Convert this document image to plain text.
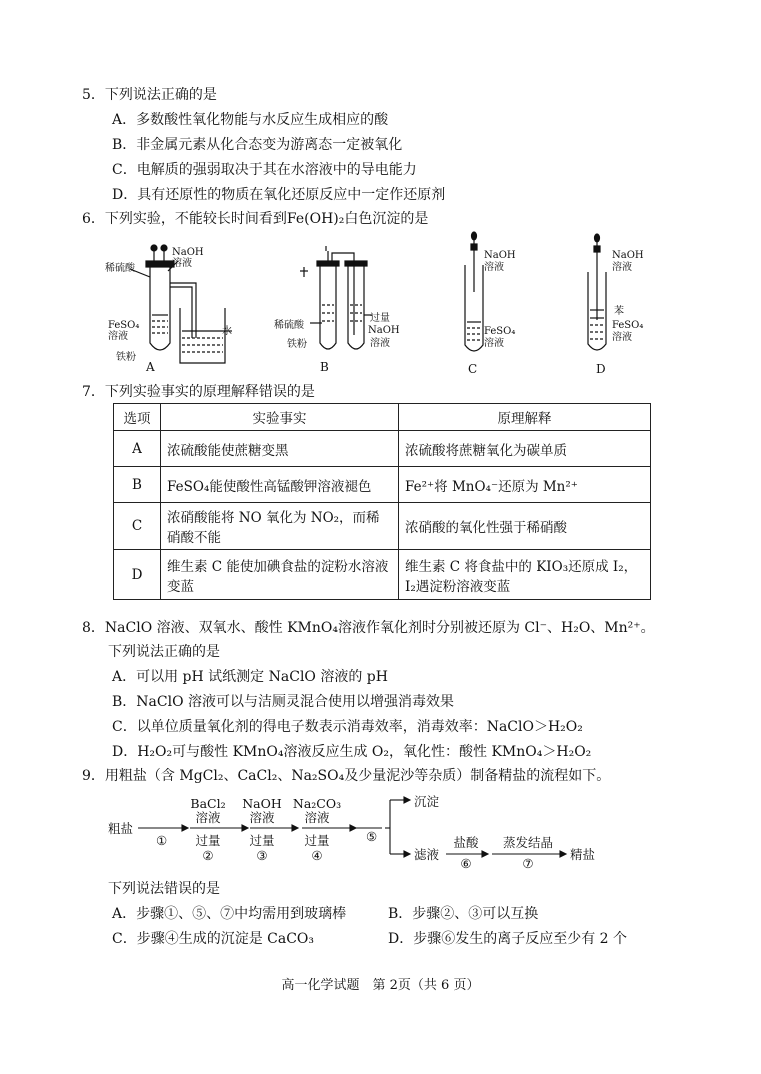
5．下列说法正确的是
A．多数酸性氧化物能与水反应生成相应的酸
B．非金属元素从化合态变为游离态一定被氧化
C．电解质的强弱取决于其在水溶液中的导电能力
D．具有还原性的物质在氧化还原反应中一定作还原剂
6．下列实验，不能较长时间看到Fe(OH)₂白色沉淀的是
稀硫酸
NaOH
溶液
FeSO₄
溶液
铁粉
水
A
稀硫酸
铁粉
过量
NaOH
溶液
B
NaOH
溶液
FeSO₄
溶液
C
NaOH
溶液
苯
FeSO₄
溶液
D
7．下列实验事实的原理解释错误的是
选项	实验事实	原理解释
A	浓硫酸能使蔗糖变黑	浓硫酸将蔗糖氧化为碳单质
B	FeSO₄能使酸性高锰酸钾溶液褪色	Fe²⁺将 MnO₄⁻还原为 Mn²⁺
C	浓硝酸能将 NO 氧化为 NO₂，而稀硝酸不能	浓硝酸的氧化性强于稀硝酸
D	维生素 C 能使加碘食盐的淀粉水溶液变蓝	维生素 C 将食盐中的 KIO₃还原成 I₂，I₂遇淀粉溶液变蓝
8．NaClO 溶液、双氧水、酸性 KMnO₄溶液作氧化剂时分别被还原为 Cl⁻、H₂O、Mn²⁺。
下列说法正确的是
A．可以用 pH 试纸测定 NaClO 溶液的 pH
B．NaClO 溶液可以与洁厕灵混合使用以增强消毒效果
C．以单位质量氧化剂的得电子数表示消毒效率，消毒效率：NaClO＞H₂O₂
D．H₂O₂可与酸性 KMnO₄溶液反应生成 O₂，氧化性：酸性 KMnO₄＞H₂O₂
9．用粗盐（含 MgCl₂、CaCl₂、Na₂SO₄及少量泥沙等杂质）制备精盐的流程如下。
粗盐
①
BaCl₂
溶液
过量
②
NaOH
溶液
过量
③
Na₂CO₃
溶液
过量
④
⑤
沉淀
滤液
盐酸
⑥
蒸发结晶
⑦
精盐
下列说法错误的是
A．步骤①、⑤、⑦中均需用到玻璃棒	B．步骤②、③可以互换
C．步骤④生成的沉淀是 CaCO₃	D．步骤⑥发生的离子反应至少有 2 个
高一化学试题　第 2页（共 6 页）
